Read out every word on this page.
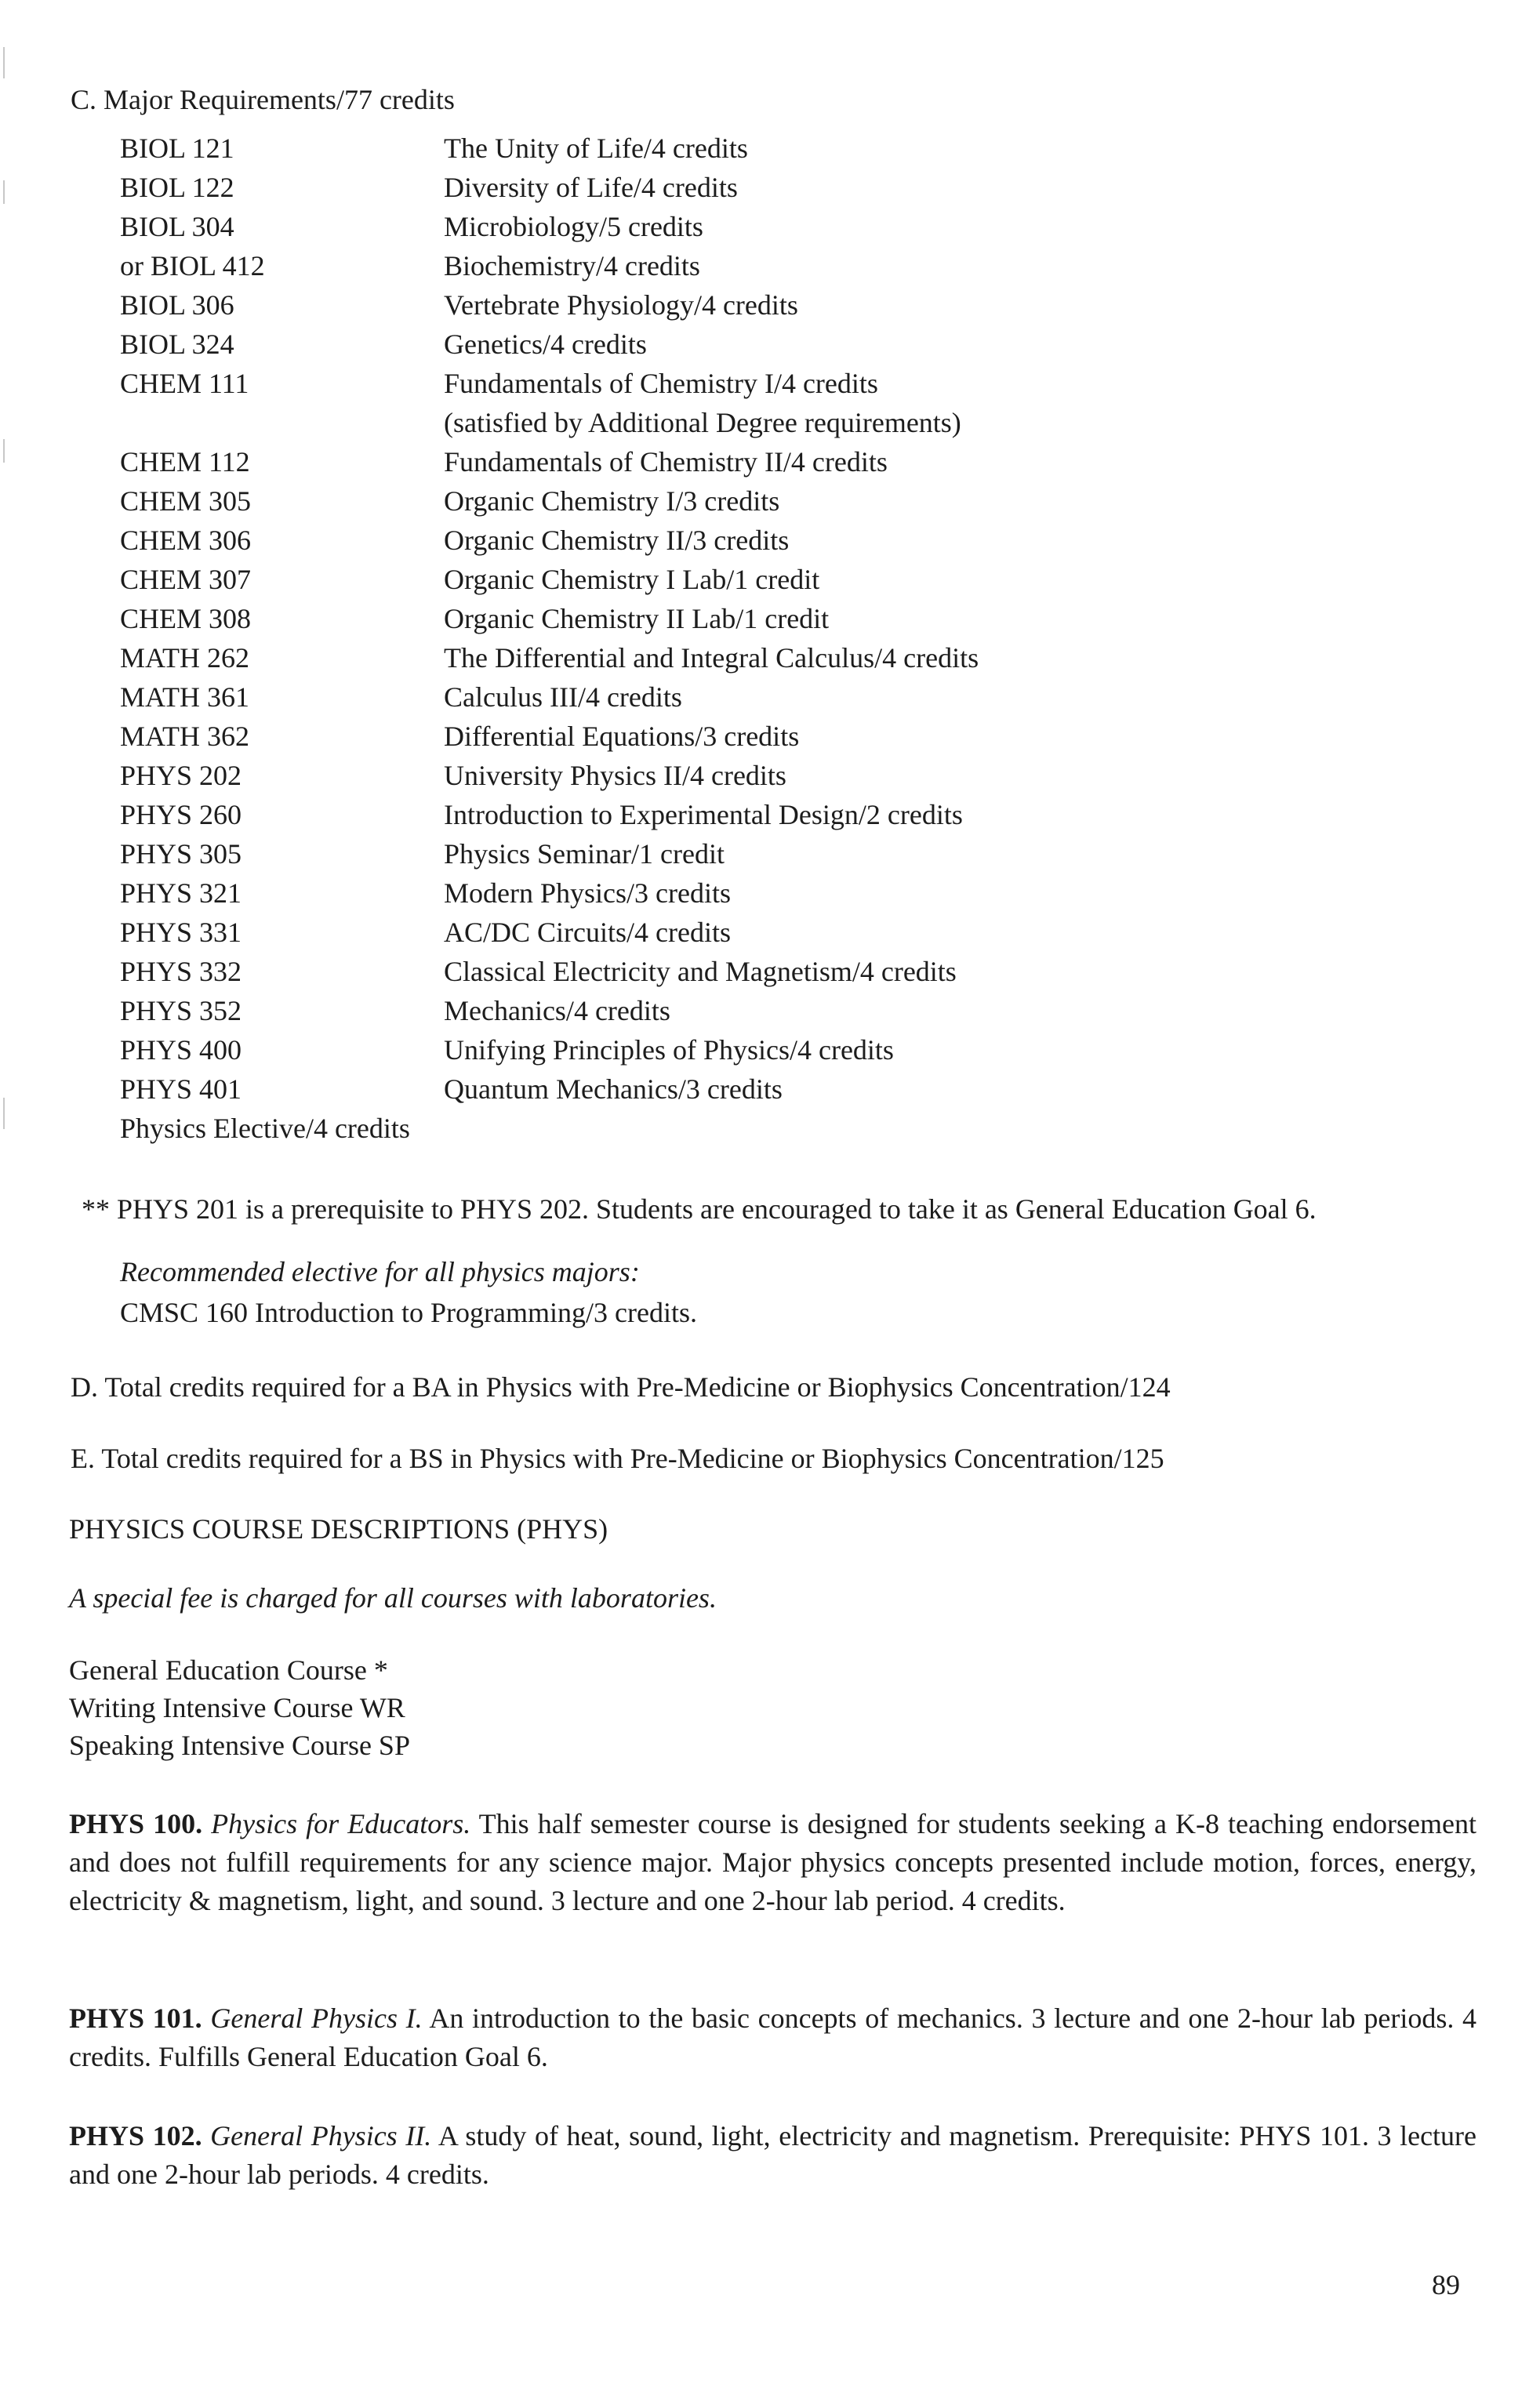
C. Major Requirements/77 credits
BIOL 121	The Unity of Life/4 credits
BIOL 122	Diversity of Life/4 credits
BIOL 304	Microbiology/5 credits
or BIOL 412	Biochemistry/4 credits
BIOL 306	Vertebrate Physiology/4 credits
BIOL 324	Genetics/4 credits
CHEM 111	Fundamentals of Chemistry I/4 credits
(satisfied by Additional Degree requirements)
CHEM 112	Fundamentals of Chemistry II/4 credits
CHEM 305	Organic Chemistry I/3 credits
CHEM 306	Organic Chemistry II/3 credits
CHEM 307	Organic Chemistry I Lab/1 credit
CHEM 308	Organic Chemistry II Lab/1 credit
MATH 262	The Differential and Integral Calculus/4 credits
MATH 361	Calculus III/4 credits
MATH 362	Differential Equations/3 credits
PHYS 202	University Physics II/4 credits
PHYS 260	Introduction to Experimental Design/2 credits
PHYS 305	Physics Seminar/1 credit
PHYS 321	Modern Physics/3 credits
PHYS 331	AC/DC Circuits/4 credits
PHYS 332	Classical Electricity and Magnetism/4 credits
PHYS 352	Mechanics/4 credits
PHYS 400	Unifying Principles of Physics/4 credits
PHYS 401	Quantum Mechanics/3 credits
Physics Elective/4 credits
** PHYS 201 is a prerequisite to PHYS 202. Students are encouraged to take it as General Education Goal 6.
Recommended elective for all physics majors:
CMSC 160 Introduction to Programming/3 credits.
D. Total credits required for a BA in Physics with Pre-Medicine or Biophysics Concentration/124
E. Total credits required for a BS in Physics with Pre-Medicine or Biophysics Concentration/125
PHYSICS COURSE DESCRIPTIONS (PHYS)
A special fee is charged for all courses with laboratories.
General Education Course *
Writing Intensive Course WR
Speaking Intensive Course SP
PHYS 100. Physics for Educators. This half semester course is designed for students seeking a K-8 teaching endorsement and does not fulfill requirements for any science major. Major physics concepts presented include motion, forces, energy, electricity & magnetism, light, and sound. 3 lecture and one 2-hour lab period. 4 credits.
PHYS 101. General Physics I. An introduction to the basic concepts of mechanics. 3 lecture and one 2-hour lab periods. 4 credits. Fulfills General Education Goal 6.
PHYS 102. General Physics II. A study of heat, sound, light, electricity and magnetism. Prerequisite: PHYS 101. 3 lecture and one 2-hour lab periods. 4 credits.
89
